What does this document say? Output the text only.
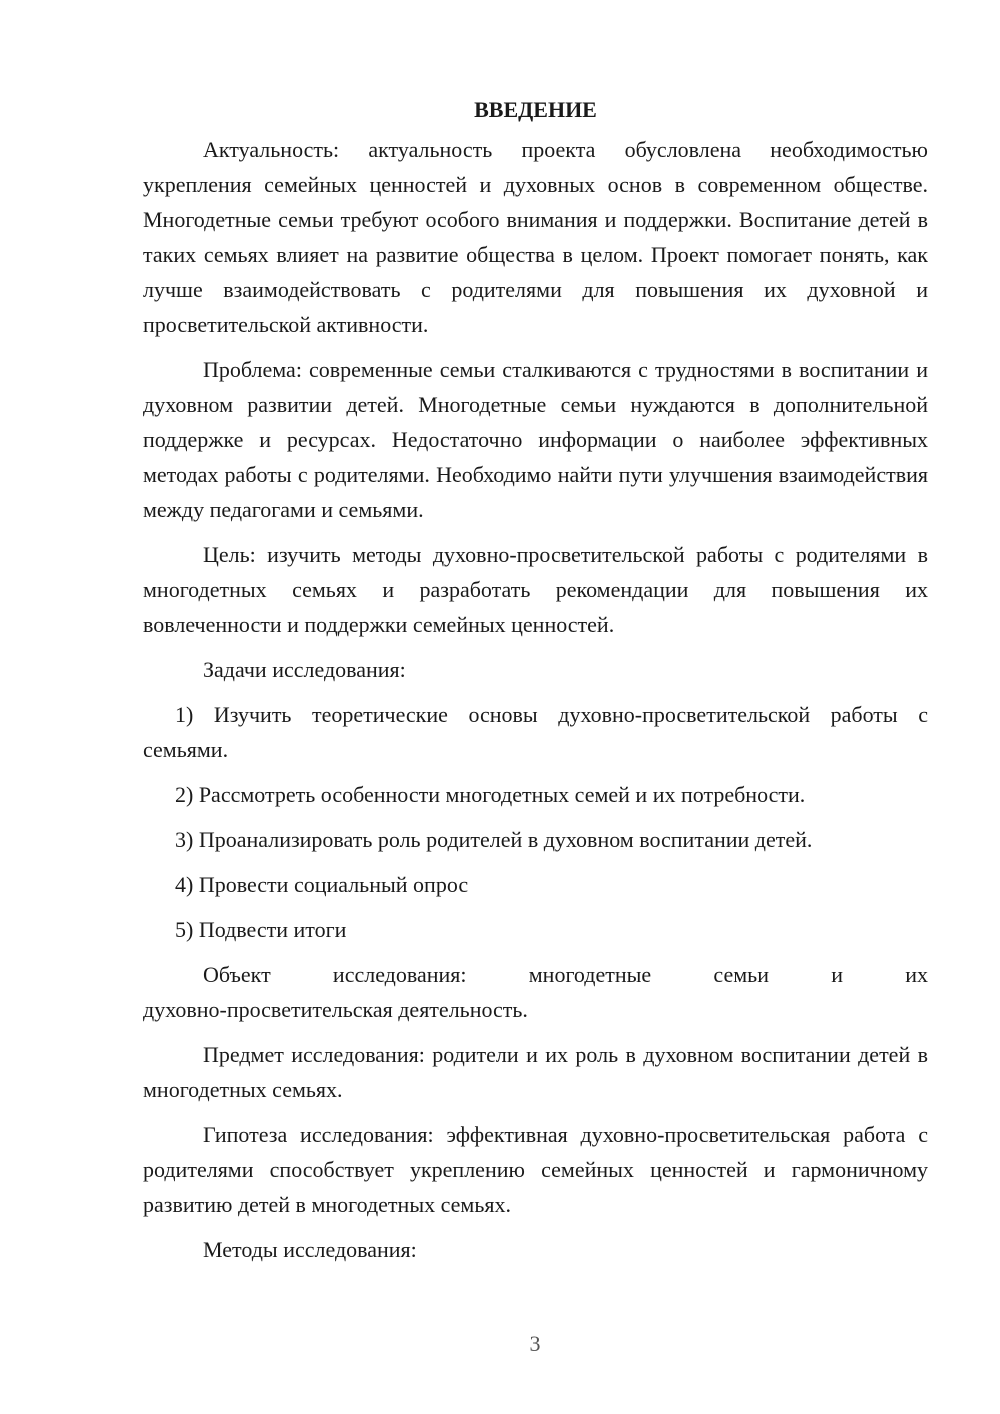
ВВЕДЕНИЕ

Актуальность: актуальность проекта обусловлена необходимостью укрепления семейных ценностей и духовных основ в современном обществе. Многодетные семьи требуют особого внимания и поддержки. Воспитание детей в таких семьях влияет на развитие общества в целом. Проект помогает понять, как лучше взаимодействовать с родителями для повышения их духовной и просветительской активности.

Проблема: современные семьи сталкиваются с трудностями в воспитании и духовном развитии детей. Многодетные семьи нуждаются в дополнительной поддержке и ресурсах. Недостаточно информации о наиболее эффективных методах работы с родителями. Необходимо найти пути улучшения взаимодействия между педагогами и семьями.

Цель: изучить методы духовно-просветительской работы с родителями в многодетных семьях и разработать рекомендации для повышения их вовлеченности и поддержки семейных ценностей.

Задачи исследования:

1) Изучить теоретические основы духовно-просветительской работы с семьями.

2) Рассмотреть особенности многодетных семей и их потребности.

3) Проанализировать роль родителей в духовном воспитании детей.

4) Провести социальный опрос

5) Подвести итоги

Объект исследования: многодетные семьи и их

духовно-просветительская деятельность.

Предмет исследования: родители и их роль в духовном воспитании детей в многодетных семьях.

Гипотеза исследования: эффективная духовно-просветительская работа с родителями способствует укреплению семейных ценностей и гармоничному развитию детей в многодетных семьях.

Методы исследования:

3
